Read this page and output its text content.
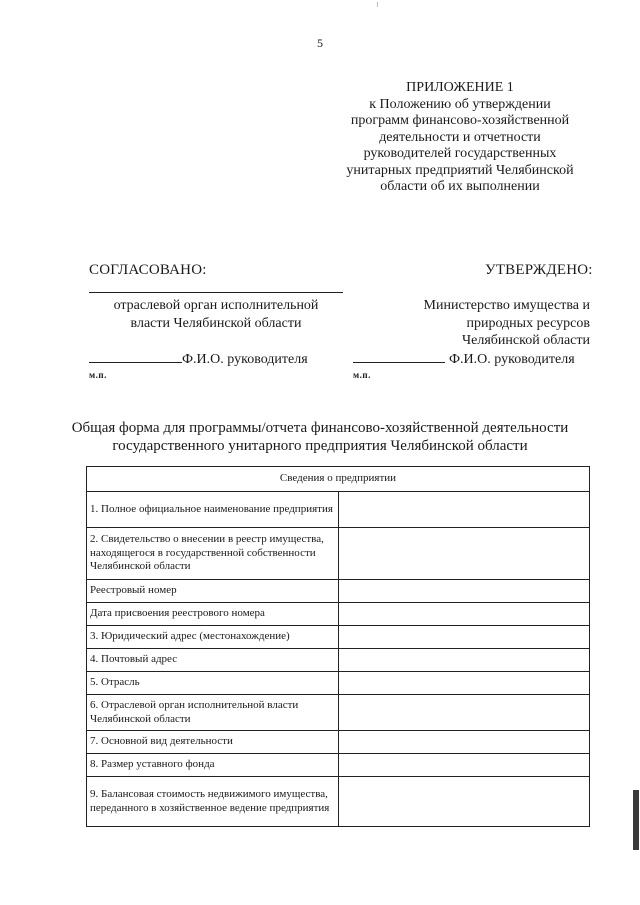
5
ПРИЛОЖЕНИЕ 1
к Положению об утверждении
программ финансово-хозяйственной
деятельности и отчетности
руководителей государственных
унитарных предприятий Челябинской
области об их выполнении
СОГЛАСОВАНО:	УТВЕРЖДЕНО:
отраслевой орган исполнительной
власти Челябинской области
Министерство имущества и
природных ресурсов
Челябинской области
Ф.И.О. руководителя	Ф.И.О. руководителя
м.п.	м.п.
Общая форма для программы/отчета финансово-хозяйственной деятельности
государственного унитарного предприятия Челябинской области
Сведения о предприятии	
1. Полное официальное наименование предприятия	
2. Свидетельство о внесении в реестр имущества, находящегося в государственной собственности Челябинской области	
Реестровый номер	
Дата присвоения реестрового номера	
3. Юридический адрес (местонахождение)	
4. Почтовый адрес	
5. Отрасль	
6. Отраслевой орган исполнительной власти Челябинской области	
7. Основной вид деятельности	
8. Размер уставного фонда	
9. Балансовая стоимость недвижимого имущества, переданного в хозяйственное ведение предприятия	
